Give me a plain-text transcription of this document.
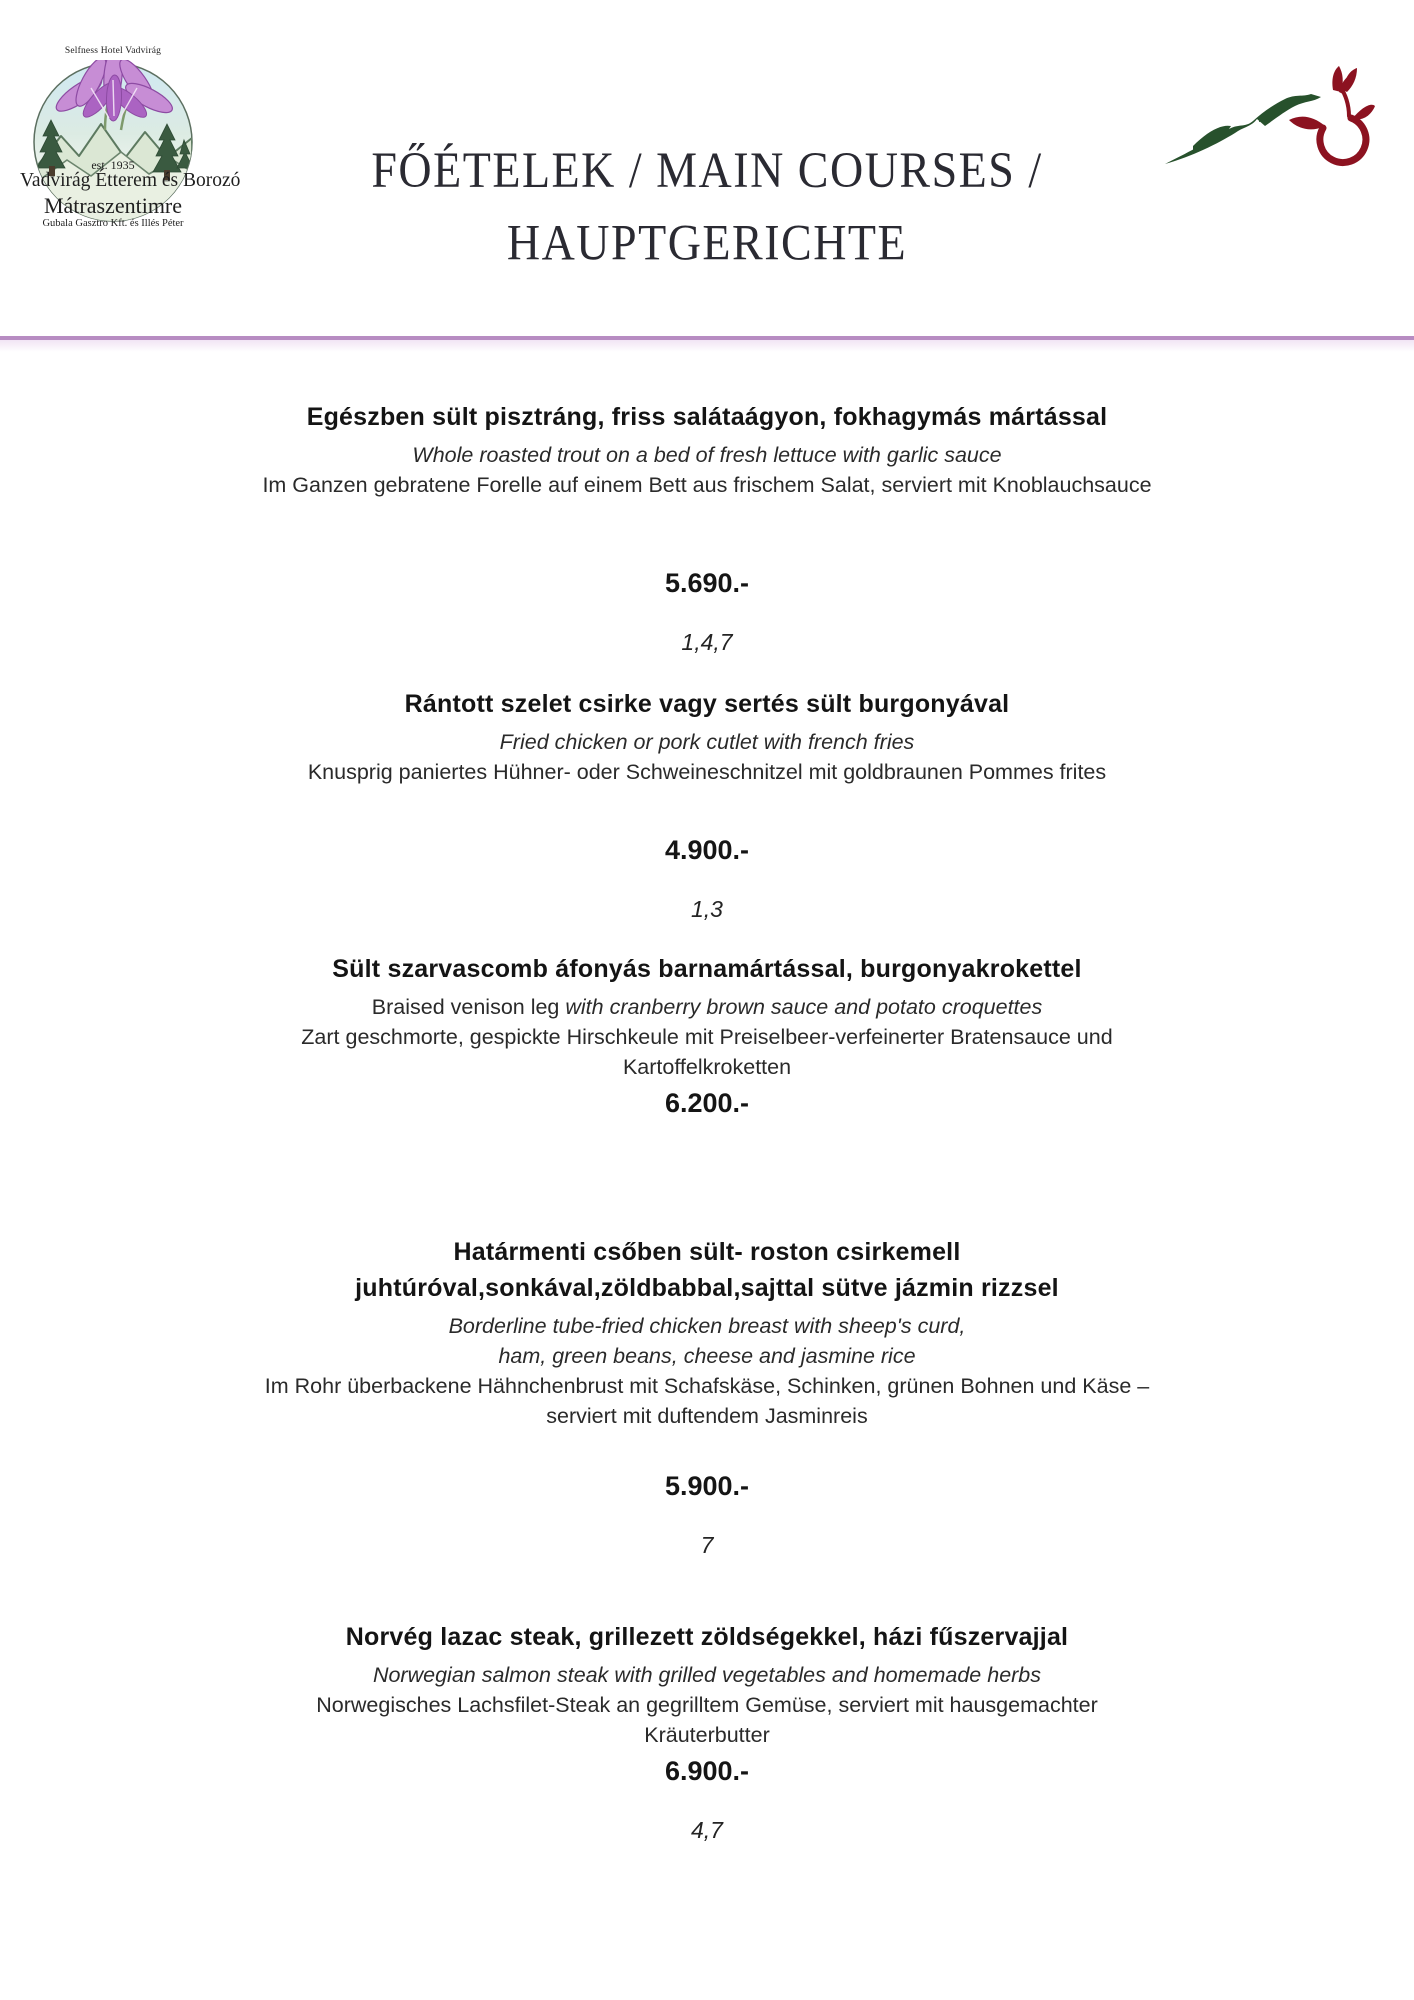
Selfness Hotel Vadvirág
est. 1935
Vadvirág Étterem és Borozó
Mátraszentimre
Gubala Gasztro Kft. és Illés Péter
FŐÉTELEK / MAIN COURSES /
HAUPTGERICHTE
Egészben sült pisztráng, friss salátaágyon, fokhagymás mártással
Whole roasted trout on a bed of fresh lettuce with garlic sauce
Im Ganzen gebratene Forelle auf einem Bett aus frischem Salat, serviert mit Knoblauchsauce
5.690.-
1,4,7
Rántott szelet csirke vagy sertés sült burgonyával
Fried chicken or pork cutlet with french fries
Knusprig paniertes Hühner- oder Schweineschnitzel mit goldbraunen Pommes frites
4.900.-
1,3
Sült szarvascomb áfonyás barnamártással, burgonyakrokettel
Braised venison leg with cranberry brown sauce and potato croquettes
Zart geschmorte, gespickte Hirschkeule mit Preiselbeer-verfeinerter Bratensauce und
Kartoffelkroketten
6.200.-
Határmenti csőben sült- roston csirkemell
juhtúróval,sonkával,zöldbabbal,sajttal sütve jázmin rizzsel
Borderline tube-fried chicken breast with sheep's curd,
ham, green beans, cheese and jasmine rice
Im Rohr überbackene Hähnchenbrust mit Schafskäse, Schinken, grünen Bohnen und Käse –
serviert mit duftendem Jasminreis
5.900.-
7
Norvég lazac steak, grillezett zöldségekkel, házi fűszervajjal
Norwegian salmon steak with grilled vegetables and homemade herbs
Norwegisches Lachsfilet-Steak an gegrilltem Gemüse, serviert mit hausgemachter
Kräuterbutter
6.900.-
4,7
